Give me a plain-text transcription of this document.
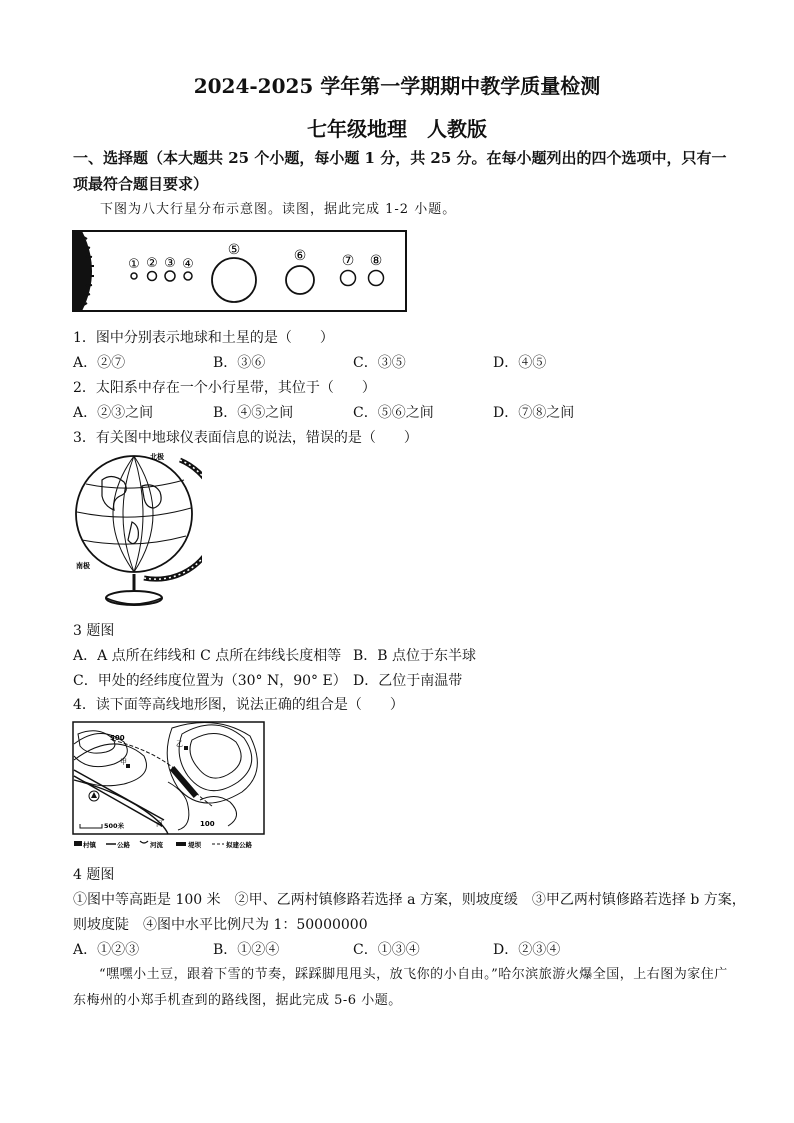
2024-2025 学年第一学期期中教学质量检测
七年级地理　人教版
一、选择题（本大题共 25 个小题，每小题 1 分，共 25 分。在每小题列出的四个选项中，只有一项最符合题目要求）
下图为八大行星分布示意图。读图，据此完成 1-2 小题。
① ② ③ ④
⑤	⑥	⑦ ⑧
1．图中分别表示地球和土星的是（　　）
A．②⑦	B．③⑥	C．③⑤	D．④⑤
2．太阳系中存在一个小行星带，其位于（　　）
A．②③之间	B．④⑤之间	C．⑤⑥之间	D．⑦⑧之间
3．有关图中地球仪表面信息的说法，错误的是（　　）
北极
南极
3 题图
A．A 点所在纬线和 C 点所在纬线长度相等 B．B 点位于东半球
C．甲处的经纬度位置为（30° N，90° E） D．乙位于南温带
4．读下面等高线地形图，说法正确的组合是（　　）
500
100
河
甲
乙
500米
村镇	公路	河流	堤坝	拟建公路
4 题图
①图中等高距是 100 米　②甲、乙两村镇修路若选择 a 方案，则坡度缓　③甲乙两村镇修路若选择 b 方案，
则坡度陡　④图中水平比例尺为 1：50000000
A．①②③	B．①②④	C．①③④	D．②③④
“嘿嘿小土豆，跟着下雪的节奏，踩踩脚甩甩头，放飞你的小自由。”哈尔滨旅游火爆全国，上右图为家住广东梅州的小郑手机查到的路线图，据此完成 5-6 小题。
